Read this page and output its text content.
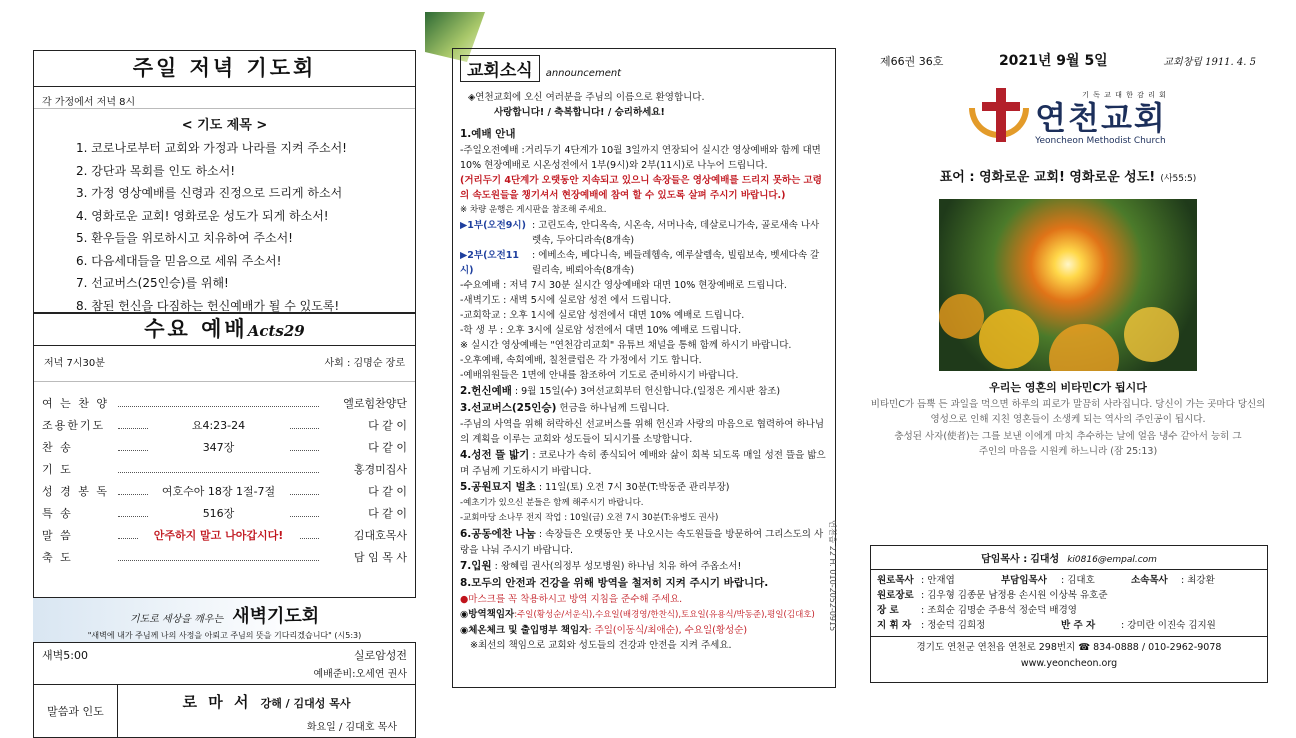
주일 저녁 기도회
각 가정에서 저녁 8시
< 기도 제목 >
1. 코로나로부터 교회와 가정과 나라를 지켜 주소서!
2. 강단과 목회를 인도 하소서!
3. 가정 영상예배를 신령과 진정으로 드리게 하소서
4. 영화로운 교회! 영화로운 성도가 되게 하소서!
5. 환우들을 위로하시고 치유하여 주소서!
6. 다음세대들을 믿음으로 세워 주소서!
7. 선교버스(25인승)를 위해!
8. 참된 헌신을 다짐하는 헌신예배가 될 수 있도록!
수요 예배Acts29
저녁 7시30분	사회 : 김명순 장로
여 는 찬 양	엘로힘찬양단
조용한기도	요4:23-24	다 같 이
찬 송	347장	다 같 이
기 도	홍경미집사
성 경 봉 독	여호수아 18장 1절-7절	다 같 이
특 송	516장	다 같 이
말 씀	안주하지 말고 나아갑시다!	김대호목사
축 도	담 임 목 사
기도로 세상을 깨우는 새벽기도회
"새벽에 내가 주님께 나의 사정을 아뢰고 주님의 뜻을 기다리겠습니다" (시5:3)
새벽5:00	실로암성전
예배준비:오세연 권사
말씀과 인도
로 마 서 강해 / 김대성 목사
화요일 / 김대호 목사
교회소식	announcement
◈연천교회에 오신 여러분을 주님의 이름으로 환영합니다.
사랑합니다! / 축복합니다! / 승리하세요!
1.예배 안내
-주일오전예배 :거리두기 4단계가 10월 3일까지 연장되어 실시간 영상예배와 함께 대면 10% 현장예배로 시온성전에서 1부(9시)와 2부(11시)로 나누어 드립니다.
(거리두기 4단계가 오랫동안 지속되고 있으니 속장들은 영상예배를 드리지 못하는 고령의 속도원들을 챙기셔서 현장예배에 참여 할 수 있도록 살펴 주시기 바랍니다.)
※ 차량 운행은 게시판을 참조해 주세요.
▶1부(오전9시) : 고린도속, 안디옥속, 시온속, 서머나속, 데살로니가속, 골로새속 나사렛속, 두아디라속(8개속)
▶2부(오전11시)
: 에베소속, 베다니속, 베들레헴속, 예루살렘속, 빌립보속, 벳세다속 갈릴리속, 베뢰아속(8개속)
-수요예배 : 저녁 7시 30분 실시간 영상예배와 대면 10% 현장예배로 드립니다.
-새벽기도 : 새벽 5시에 실로암 성전 에서 드립니다.
-교회학교 : 오후 1시에 실로암 성전에서 대면 10% 예배로 드립니다.
-학 생 부 : 오후 3시에 실로암 성전에서 대면 10% 예배로 드립니다.
※ 실시간 영상예배는 "연천감리교회" 유튜브 채널을 통해 함께 하시기 바랍니다.
-오후예배, 속회예배, 칠천클럽은 각 가정에서 기도 합니다.
-예배위원들은 1면에 안내를 참조하여 기도로 준비하시기 바랍니다.
2.헌신예배 : 9월 15일(수) 3여선교회부터 헌신합니다.(일정은 게시판 참조)
3.선교버스(25인승) 헌금을 하나님께 드립니다.
-주님의 사역을 위해 허락하신 선교버스를 위해 헌신과 사랑의 마음으로 협력하여 하나님의 계획을 이루는 교회와 성도들이 되시기를 소망합니다.
4.성전 뜰 밟기 : 코로나가 속히 종식되어 예배와 삶이 회복 되도록 매일 성전 뜰을 밟으며 주님께 기도하시기 바랍니다.
5.공원묘지 벌초 : 11일(토) 오전 7시 30분(T:박동준 관리부장)
-예초기가 있으신 분들은 함께 해주시기 바랍니다.
-교회마당 소나무 전지 작업 : 10일(금) 오전 7시 30분(T:유병도 권사)
6.공동에찬 나눔 : 속장들은 오랫동안 못 나오시는 속도원들을 방문하여 그리스도의 사랑을 나눠 주시기 바랍니다.
7.입원 : 왕혜림 권사(의정부 성모병원) 하나님 치유 하여 주옵소서!
8.모두의 안전과 건강을 위해 방역을 철저히 지켜 주시기 바랍니다.
●마스크를 꼭 착용하시고 방역 지침을 준수해 주세요.
◉방역책임자:주일(황성순/서운식),수요일(배경영/한찬식),토요일(유용식/박동준),평일(김대호)
◉체온체크 및 출입명부 책임자: 주일(이동식/최애순), 수요일(황성순)
※최선의 책임으로 교회와 성도들의 건강과 안전을 지켜 주세요.
제66권 36호	2021년 9월 5일	교회창립 1911. 4. 5
기 독 교 대 한 감 리 회
연천교회
Yeoncheon Methodist Church
표어 : 영화로운 교회! 영화로운 성도! (사55:5)
우리는 영혼의 비타민C가 됩시다
비타민C가 듬뿍 든 과일을 먹으면 하루의 피로가 말끔히 사라집니다. 당신이 가는 곳마다 당신의 영성으로 인해 지친 영혼들이 소생케 되는 역사의 주인공이 됩시다.
충성된 사자(使者)는 그를 보낸 이에게 마치 추수하는 날에 얼음 냉수 같아서 능히 그 주인의 마음을 시원케 하느니라 (잠 25:13)
담임목사 : 김대성 ki0816@empal.com
원로목사 : 안재엽	부담임목사	: 김대호	소속목사	: 최강환
원로장로 : 김우형 김종문 남정용 손시원 이상복 유호준
장 로	: 조희순 김명순 주용석 정순덕 배경영
지 휘 자	: 정순덕 김희정	반 주 자	: 강미란 이진숙 김지원
경기도 연천군 연천읍 연천로 298번지 ☎ 834-0888 / 010-2962-9078
www.yeoncheon.org
연천읍 22 H. 010-2052-0915
